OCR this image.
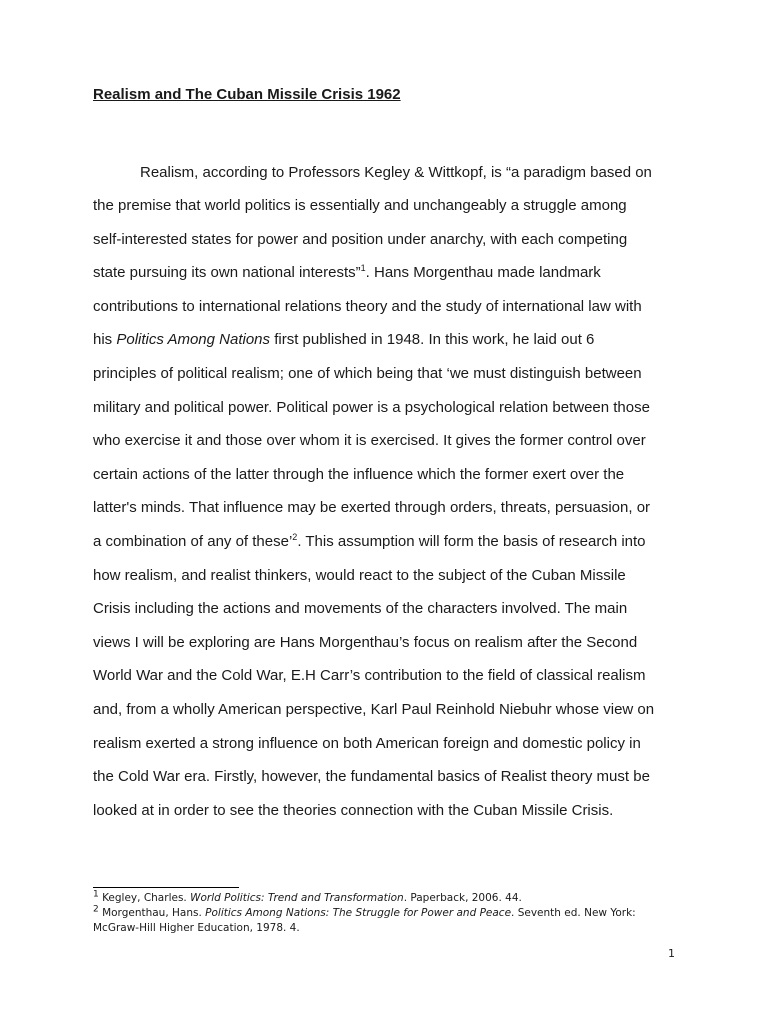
Realism and The Cuban Missile Crisis 1962
Realism, according to Professors Kegley & Wittkopf, is “a paradigm based on
the premise that world politics is essentially and unchangeably a struggle among
self-interested states for power and position under anarchy, with each competing
state pursuing its own national interests”$^1$. Hans Morgenthau made landmark
contributions to international relations theory and the study of international law with
his Politics Among Nations first published in 1948. In this work, he laid out 6
principles of political realism; one of which being that ‘we must distinguish between
military and political power. Political power is a psychological relation between those
who exercise it and those over whom it is exercised. It gives the former control over
certain actions of the latter through the influence which the former exert over the
latter's minds. That influence may be exerted through orders, threats, persuasion, or
a combination of any of these’$^2$. This assumption will form the basis of research into
how realism, and realist thinkers, would react to the subject of the Cuban Missile
Crisis including the actions and movements of the characters involved. The main
views I will be exploring are Hans Morgenthau’s focus on realism after the Second
World War and the Cold War, E.H Carr’s contribution to the field of classical realism
and, from a wholly American perspective, Karl Paul Reinhold Niebuhr whose view on
realism exerted a strong influence on both American foreign and domestic policy in
the Cold War era. Firstly, however, the fundamental basics of Realist theory must be
looked at in order to see the theories connection with the Cuban Missile Crisis.
$^1$ Kegley, Charles. World Politics: Trend and Transformation. Paperback, 2006. 44.
$^2$ Morgenthau, Hans. Politics Among Nations: The Struggle for Power and Peace. Seventh ed. New York:
McGraw-Hill Higher Education, 1978. 4.
1
